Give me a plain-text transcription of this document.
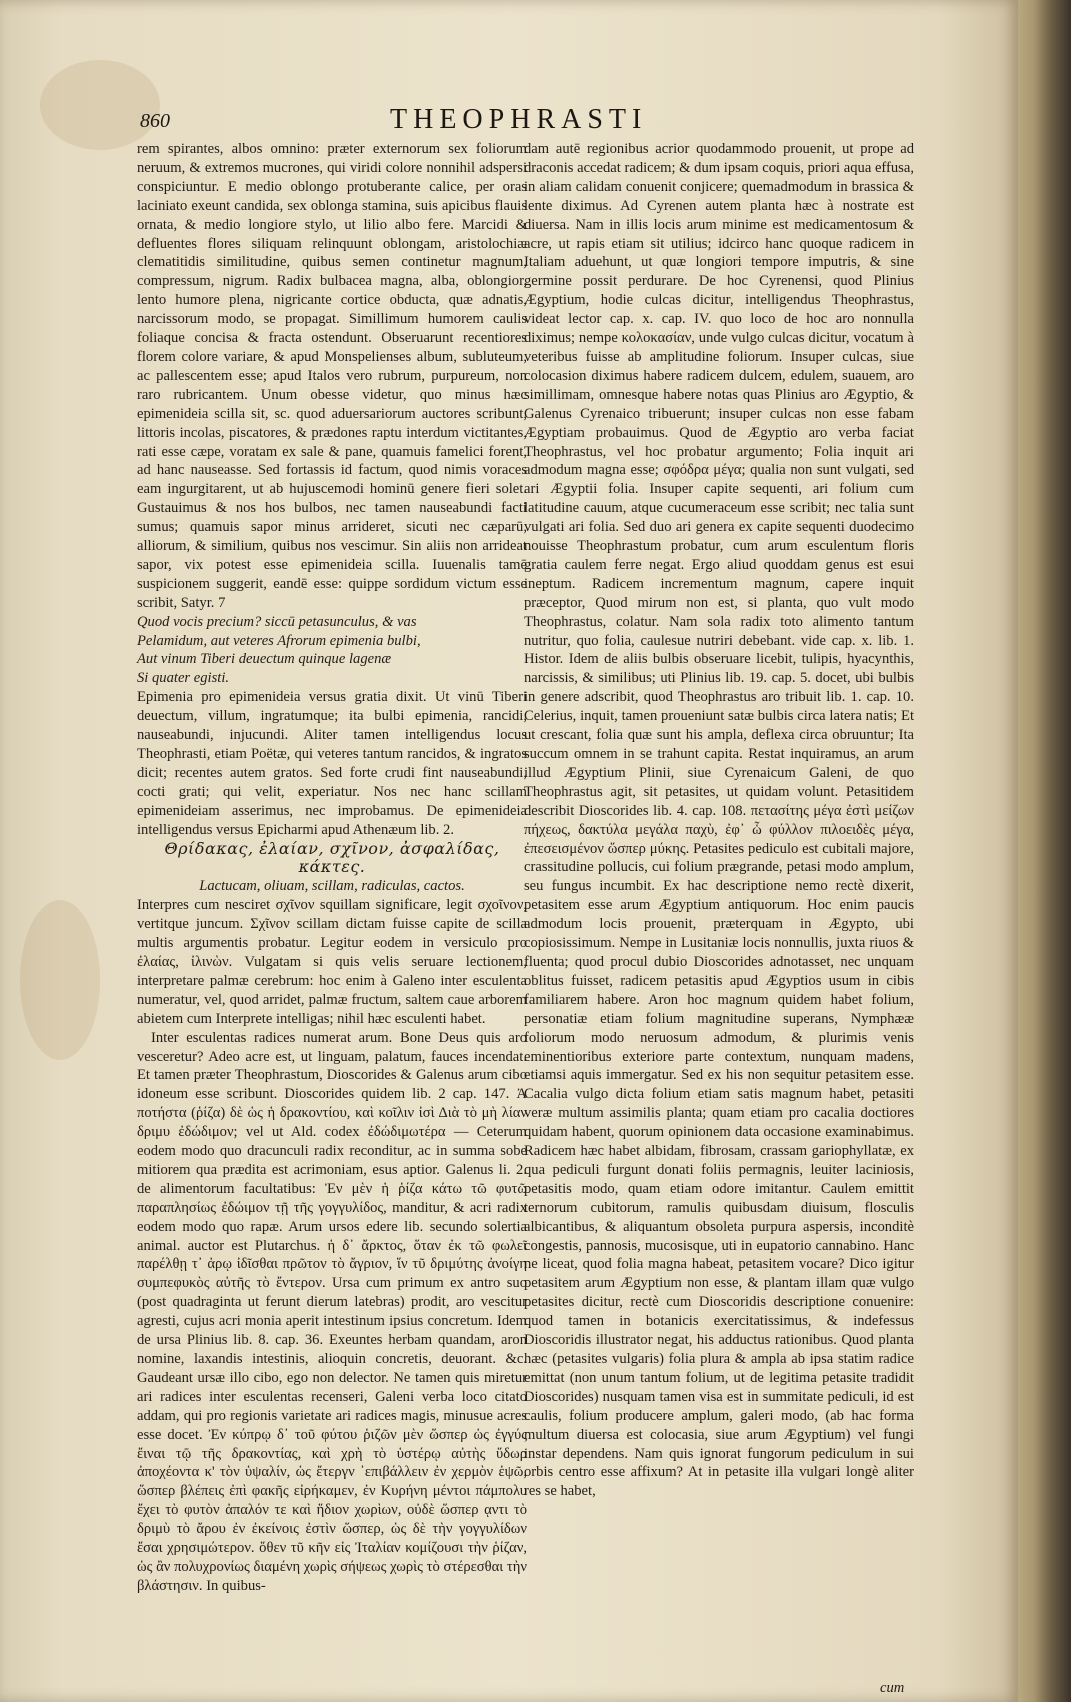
860	THEOPHRASTI

rem spirantes, albos omnino: præter externorum sex foliorum neruum, & extremos mucrones, qui viridi colore nonnihil adspersi conspiciuntur. E medio oblongo protuberante calice, per oras laciniato exeunt candida, sex oblonga stamina, suis apicibus flauis ornata, & medio longiore stylo, ut lilio albo fere. Marcidi & defluentes flores siliquam relinquunt oblongam, aristolochiæ clematitidis similitudine, quibus semen continetur magnum, compressum, nigrum. Radix bulbacea magna, alba, oblongior, lento humore plena, nigricante cortice obducta, quæ adnatis, narcissorum modo, se propagat. Simillimum humorem caulis foliaque concisa & fracta ostendunt. Obseruarunt recentiores florem colore variare, & apud Monspelienses album, subluteum, ac pallescentem esse; apud Italos vero rubrum, purpureum, non raro rubricantem. Unum obesse videtur, quo minus hæc epimenideia scilla sit, sc. quod aduersariorum auctores scribunt, littoris incolas, piscatores, & prædones raptu interdum victitantes, rati esse cæpe, voratam ex sale & pane, quamuis famelici forent, ad hanc nauseasse. Sed fortassis id factum, quod nimis voraces eam ingurgitarent, ut ab hujuscemodi hominū genere fieri solet. Gustauimus & nos hos bulbos, nec tamen nauseabundi facti sumus; quamuis sapor minus arrideret, sicuti nec cæparū, alliorum, & similium, quibus nos vescimur. Sin aliis non arrideat sapor, vix potest esse epimenideia scilla. Iuuenalis tamē suspicionem suggerit, eandē esse: quippe sordidum victum esse scribit, Satyr. 7

Quod vocis precium? siccū petasunculus, & vas

Pelamidum, aut veteres Afrorum epimenia bulbi,

Aut vinum Tiberi deuectum quinque lagenæ

Si quater egisti.

Epimenia pro epimenideia versus gratia dixit. Ut vinū Tiberi deuectum, villum, ingratumque; ita bulbi epimenia, rancidi, nauseabundi, injucundi. Aliter tamen intelligendus locus Theophrasti, etiam Poëtæ, qui veteres tantum rancidos, & ingratos dicit; recentes autem gratos. Sed forte crudi fint nauseabundi, cocti grati; qui velit, experiatur. Nos nec hanc scillam epimenideiam asserimus, nec improbamus. De epimenideia intelligendus versus Epicharmi apud Athenæum lib. 2.

Θρίδακας, ἐλαίαν, σχῖνον, ἀσφαλίδας, κάκτες.

Lactucam, oliuam, scillam, radiculas, cactos.

Interpres cum nesciret σχῖνον squillam significare, legit σχοῖνον, vertitque juncum. Σχῖνον scillam dictam fuisse capite de scilla multis argumentis probatur. Legitur eodem in versiculo pro ἐλαίας, ἰλινὼν. Vulgatam si quis velis seruare lectionem, interpretare palmæ cerebrum: hoc enim à Galeno inter esculenta numeratur, vel, quod arridet, palmæ fructum, saltem caue arborem abietem cum Interprete intelligas; nihil hæc esculenti habet.

Inter esculentas radices numerat arum. Bone Deus quis aro vesceretur? Adeo acre est, ut linguam, palatum, fauces incendat. Et tamen præter Theophrastum, Dioscorides & Galenus arum cibo idoneum esse scribunt. Dioscorides quidem lib. 2 cap. 147. Ἀ ποτήστα (ῥίζα) δὲ ὡς ἡ δρακοντίου, καὶ κοῖλιν ἰσὶ Διὰ τὸ μὴ λίαν δριμυ ἐδώδιμον; vel ut Ald. codex ἐδώδιμωτέρα — Ceterum eodem modo quo dracunculi radix reconditur, ac in summa sobe mitiorem qua prædita est acrimoniam, esus aptior. Galenus li. 2. de alimentorum facultatibus: Ἐν μὲν ἡ ῥίζα κάτω τῶ φυτῶ παραπλησίως ἐδώιμον τῇ τῆς γογγυλίδος, manditur, & acri radix eodem modo quo rapæ. Arum ursos edere lib. secundo solertia animal. auctor est Plutarchus. ἡ δ᾽ ἄρκτος, ὅταν ἐκ τῶ φωλεῖ παρέλθῃ τ᾽ ἀρῳ ἰδῖσθαι πρῶτον τὸ ἄγριον, ἵν τῦ δριμύτης ἀνοίγη συμπεφυκὸς αὐτῆς τὸ ἔντερον. Ursa cum primum ex antro suo (post quadraginta ut ferunt dierum latebras) prodit, aro vescitur agresti, cujus acri monia aperit intestinum ipsius concretum. Idem de ursa Plinius lib. 8. cap. 36. Exeuntes herbam quandam, aron nomine, laxandis intestinis, alioquin concretis, deuorant. &c. Gaudeant ursæ illo cibo, ego non delector. Ne tamen quis miretur ari radices inter esculentas recenseri, Galeni verba loco citato addam, qui pro regionis varietate ari radices magis, minusue acres esse docet. Ἐν κύπρῳ δ᾽ τοῦ φύτου ῥιζῶν μὲν ὥσπερ ὡς ἐγγύς ἔιναι τῷ τῆς δρακοντίας, καὶ χρὴ τὸ ὑστέρῳ αὐτὴς ὕδωρ ἀποχέοντα κ' τὸν ὑψαλίν, ὡς ἔτεργν ᾽επιβάλλειν ἐν χερμὸν ἑψῶ, ὥσπερ βλέπεις ἐπὶ φακῆς εἰρήκαμεν, ἐν Κυρήνη μέντοι πάμπολυ ἔχει τὸ φυτὸν ἀπαλόν τε καὶ ἥδιον χωρὶων, οὐδὲ ὥσπερ ᾳντι τὸ δριμὺ τὸ ἄρου ἐν ἐκείνοις ἐστὶν ὥσπερ, ὡς δὲ τὴν γογγυλίδων ἔσαι χρησιμώτερον. ὅθεν τῦ κῆν εἰς Ἰταλίαν κομίζουσι τὴν ῥίζαν, ὡς ἂν πολυχρονίως διαμένη χωρὶς σήψεως χωρὶς τὸ στέρεσθαι τὴν βλάστησιν. In quibus-

dam autē regionibus acrior quodammodo prouenit, ut prope ad draconis accedat radicem; & dum ipsam coquis, priori aqua effusa, in aliam calidam conuenit conjicere; quemadmodum in brassica & lente diximus. Ad Cyrenen autem planta hæc à nostrate est diuersa. Nam in illis locis arum minime est medicamentosum & acre, ut rapis etiam sit utilius; idcirco hanc quoque radicem in Italiam aduehunt, ut quæ longiori tempore imputris, & sine germine possit perdurare. De hoc Cyrenensi, quod Plinius Ægyptium, hodie culcas dicitur, intelligendus Theophrastus, videat lector cap. x. cap. IV. quo loco de hoc aro nonnulla diximus; nempe κολοκασίαν, unde vulgo culcas dicitur, vocatum à veteribus fuisse ab amplitudine foliorum. Insuper culcas, siue colocasion diximus habere radicem dulcem, edulem, suauem, aro simillimam, omnesque habere notas quas Plinius aro Ægyptio, & Galenus Cyrenaico tribuerunt; insuper culcas non esse fabam Ægyptiam probauimus. Quod de Ægyptio aro verba faciat Theophrastus, vel hoc probatur argumento; Folia inquit ari admodum magna esse; σφόδρα μέγα; qualia non sunt vulgati, sed ari Ægyptii folia. Insuper capite sequenti, ari folium cum latitudine cauum, atque cucumeraceum esse scribit; nec talia sunt vulgati ari folia. Sed duo ari genera ex capite sequenti duodecimo nouisse Theophrastum probatur, cum arum esculentum floris gratia caulem ferre negat. Ergo aliud quoddam genus est esui ineptum. Radicem incrementum magnum, capere inquit præceptor, Quod mirum non est, si planta, quo vult modo Theophrastus, colatur. Nam sola radix toto alimento tantum nutritur, quo folia, caulesue nutriri debebant. vide cap. x. lib. 1. Histor. Idem de aliis bulbis obseruare licebit, tulipis, hyacynthis, narcissis, & similibus; uti Plinius lib. 19. cap. 5. docet, ubi bulbis in genere adscribit, quod Theophrastus aro tribuit lib. 1. cap. 10. Celerius, inquit, tamen proueniunt satæ bulbis circa latera natis; Et ut crescant, folia quæ sunt his ampla, deflexa circa obruuntur; Ita succum omnem in se trahunt capita. Restat inquiramus, an arum illud Ægyptium Plinii, siue Cyrenaicum Galeni, de quo Theophrastus agit, sit petasites, ut quidam volunt. Petasitidem describit Dioscorides lib. 4. cap. 108. πετασίτης μέγα ἐστὶ μείζων πήχεως, δακτύλα μεγάλα παχὺ, ἐφ᾽ ὧ φύλλον πιλοειδὲς μέγα, ἐπεσεισμένον ὥσπερ μύκης. Petasites pediculo est cubitali majore, crassitudine pollucis, cui folium prægrande, petasi modo amplum, seu fungus incumbit. Ex hac descriptione nemo rectè dixerit, petasitem esse arum Ægyptium antiquorum. Hoc enim paucis admodum locis prouenit, præterquam in Ægypto, ubi copiosissimum. Nempe in Lusitaniæ locis nonnullis, juxta riuos & fluenta; quod procul dubio Dioscorides adnotasset, nec unquam oblitus fuisset, radicem petasitis apud Ægyptios usum in cibis familiarem habere. Aron hoc magnum quidem habet folium, personatiæ etiam folium magnitudine superans, Nymphææ foliorum modo neruosum admodum, & plurimis venis eminentioribus exteriore parte contextum, nunquam madens, etiamsi aquis immergatur. Sed ex his non sequitur petasitem esse. Cacalia vulgo dicta folium etiam satis magnum habet, petasiti veræ multum assimilis planta; quam etiam pro cacalia doctiores quidam habent, quorum opinionem data occasione examinabimus. Radicem hæc habet albidam, fibrosam, crassam gariophyllatæ, ex qua pediculi furgunt donati foliis permagnis, leuiter laciniosis, petasitis modo, quam etiam odore imitantur. Caulem emittit ternorum cubitorum, ramulis quibusdam diuisum, flosculis albicantibus, & aliquantum obsoleta purpura aspersis, inconditè congestis, pannosis, mucosisque, uti in eupatorio cannabino. Hanc ne liceat, quod folia magna habeat, petasitem vocare? Dico igitur petasitem arum Ægyptium non esse, & plantam illam quæ vulgo petasites dicitur, rectè cum Dioscoridis descriptione conuenire: quod tamen in botanicis exercitatissimus, & indefessus Dioscoridis illustrator negat, his adductus rationibus. Quod planta hæc (petasites vulgaris) folia plura & ampla ab ipsa statim radice emittat (non unum tantum folium, ut de legitima petasite tradidit Dioscorides) nusquam tamen visa est in summitate pediculi, id est caulis, folium producere amplum, galeri modo, (ab hac forma multum diuersa est colocasia, siue arum Ægyptium) vel fungi instar dependens. Nam quis ignorat fungorum pediculum in sui orbis centro esse affixum? At in petasite illa vulgari longè aliter res se habet,

cum
